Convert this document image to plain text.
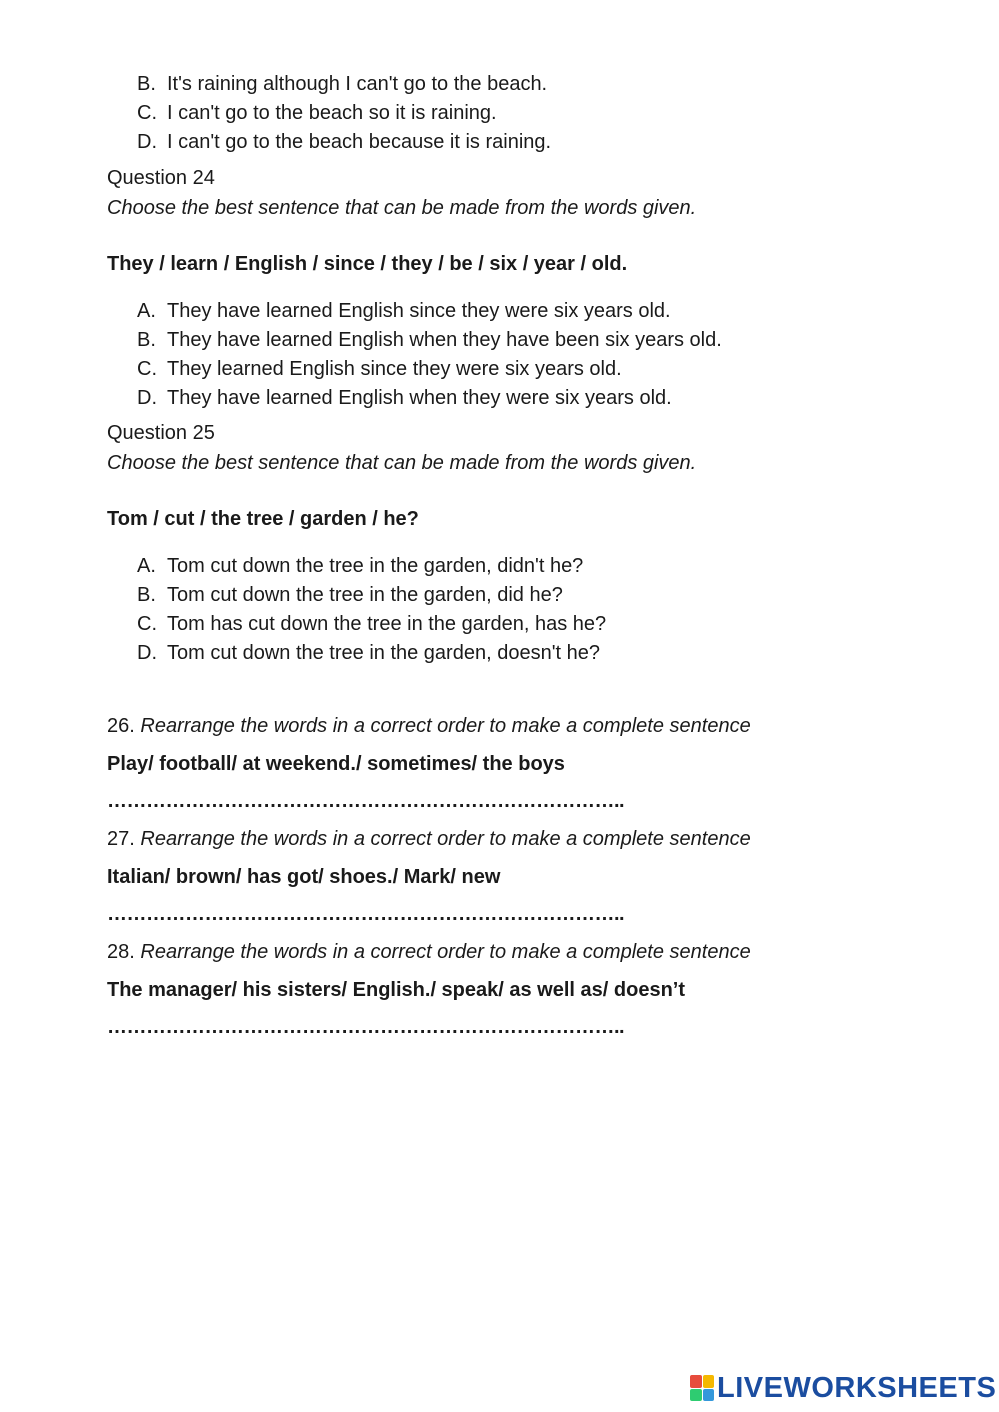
B. It's raining although I can't go to the beach.
C. I can't go to the beach so it is raining.
D. I can't go to the beach because it is raining.
Question 24
Choose the best sentence that can be made from the words given.
They / learn / English / since / they / be / six / year / old.
A. They have learned English since they were six years old.
B. They have learned English when they have been six years old.
C. They learned English since they were six years old.
D. They have learned English when they were six years old.
Question 25
Choose the best sentence that can be made from the words given.
Tom / cut / the tree / garden / he?
A. Tom cut down the tree in the garden, didn't he?
B. Tom cut down the tree in the garden, did he?
C. Tom has cut down the tree in the garden, has he?
D. Tom cut down the tree in the garden, doesn't he?
26. Rearrange the words in a correct order to make a complete sentence
Play/ football/ at weekend./ sometimes/ the boys
……………………………………………………………………..
27. Rearrange the words in a correct order to make a complete sentence
Italian/ brown/ has got/ shoes./ Mark/ new
……………………………………………………………………..
28. Rearrange the words in a correct order to make a complete sentence
The manager/ his sisters/ English./ speak/ as well as/ doesn’t
……………………………………………………………………..
LIVEWORKSHEETS
